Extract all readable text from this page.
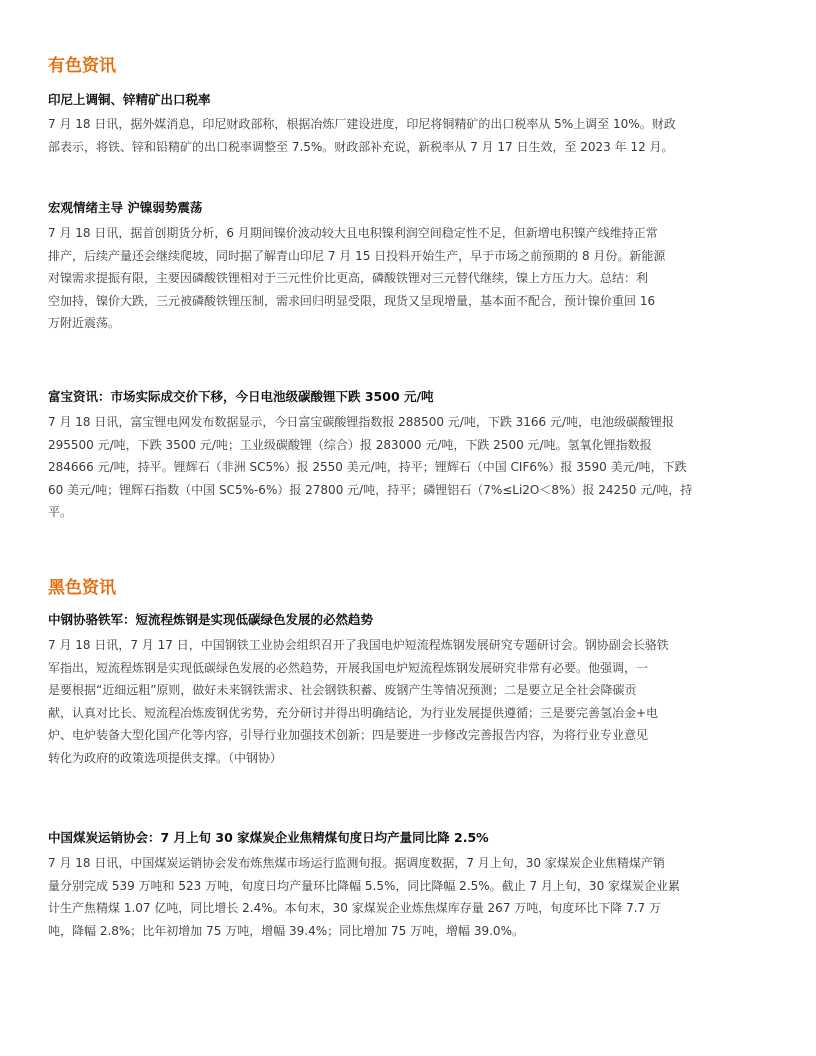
有色资讯
印尼上调铜、锌精矿出口税率
7 月 18 日讯，据外媒消息，印尼财政部称，根据冶炼厂建设进度，印尼将铜精矿的出口税率从 5%上调至 10%。财政
部表示，将铁、锌和铅精矿的出口税率调整至 7.5%。财政部补充说，新税率从 7 月 17 日生效，至 2023 年 12 月。
宏观情绪主导 沪镍弱势震荡
7 月 18 日讯，据首创期货分析，6 月期间镍价波动较大且电积镍利润空间稳定性不足，但新增电积镍产线维持正常
排产，后续产量还会继续爬坡，同时据了解青山印尼 7 月 15 日投料开始生产，早于市场之前预期的 8 月份。新能源
对镍需求提振有限，主要因磷酸铁锂相对于三元性价比更高，磷酸铁锂对三元替代继续，镍上方压力大。总结：利
空加持，镍价大跌，三元被磷酸铁锂压制，需求回归明显受限，现货又呈现增量，基本面不配合，预计镍价重回 16
万附近震荡。
富宝资讯：市场实际成交价下移，今日电池级碳酸锂下跌 3500 元/吨
7 月 18 日讯，富宝锂电网发布数据显示，今日富宝碳酸锂指数报 288500 元/吨，下跌 3166 元/吨，电池级碳酸锂报
295500 元/吨，下跌 3500 元/吨；工业级碳酸锂（综合）报 283000 元/吨，下跌 2500 元/吨。氢氧化锂指数报
284666 元/吨，持平。锂辉石（非洲 SC5%）报 2550 美元/吨，持平；锂辉石（中国 CIF6%）报 3590 美元/吨，下跌
60 美元/吨；锂辉石指数（中国 SC5%-6%）报 27800 元/吨，持平；磷锂铝石（7%≤Li2O＜8%）报 24250 元/吨，持
平。
黑色资讯
中钢协骆铁军：短流程炼钢是实现低碳绿色发展的必然趋势
7 月 18 日讯，7 月 17 日，中国钢铁工业协会组织召开了我国电炉短流程炼钢发展研究专题研讨会。钢协副会长骆铁
军指出，短流程炼钢是实现低碳绿色发展的必然趋势，开展我国电炉短流程炼钢发展研究非常有必要。他强调，一
是要根据“近细远粗”原则，做好未来钢铁需求、社会钢铁积蓄、废钢产生等情况预测；二是要立足全社会降碳贡
献，认真对比长、短流程冶炼废钢优劣势，充分研讨并得出明确结论，为行业发展提供遵循；三是要完善氢冶金+电
炉、电炉装备大型化国产化等内容，引导行业加强技术创新；四是要进一步修改完善报告内容，为将行业专业意见
转化为政府的政策选项提供支撑。（中钢协）
中国煤炭运销协会：7 月上旬 30 家煤炭企业焦精煤旬度日均产量同比降 2.5%
7 月 18 日讯，中国煤炭运销协会发布炼焦煤市场运行监测旬报。据调度数据，7 月上旬，30 家煤炭企业焦精煤产销
量分别完成 539 万吨和 523 万吨，旬度日均产量环比降幅 5.5%，同比降幅 2.5%。截止 7 月上旬，30 家煤炭企业累
计生产焦精煤 1.07 亿吨，同比增长 2.4%。本旬末，30 家煤炭企业炼焦煤库存量 267 万吨，旬度环比下降 7.7 万
吨，降幅 2.8%；比年初增加 75 万吨，增幅 39.4%；同比增加 75 万吨，增幅 39.0%。
